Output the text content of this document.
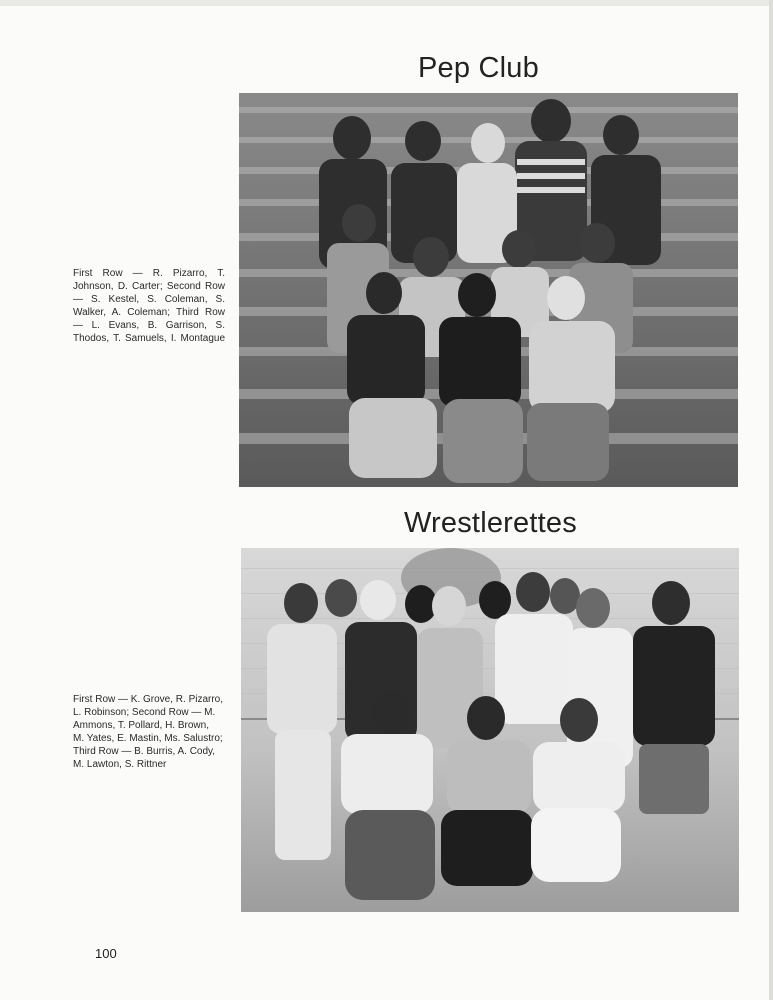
Pep Club
First Row — R. Pizarro, T.
Johnson, D. Carter; Second Row
— S. Kestel, S. Coleman, S.
Walker, A. Coleman; Third Row
— L. Evans, B. Garrison, S.
Thodos, T. Samuels, I. Montague
Wrestlerettes
First Row — K. Grove, R. Pizarro,
L. Robinson; Second Row — M.
Ammons, T. Pollard, H. Brown,
M. Yates, E. Mastin, Ms. Salustro;
Third Row — B. Burris, A. Cody,
M. Lawton, S. Rittner
100
